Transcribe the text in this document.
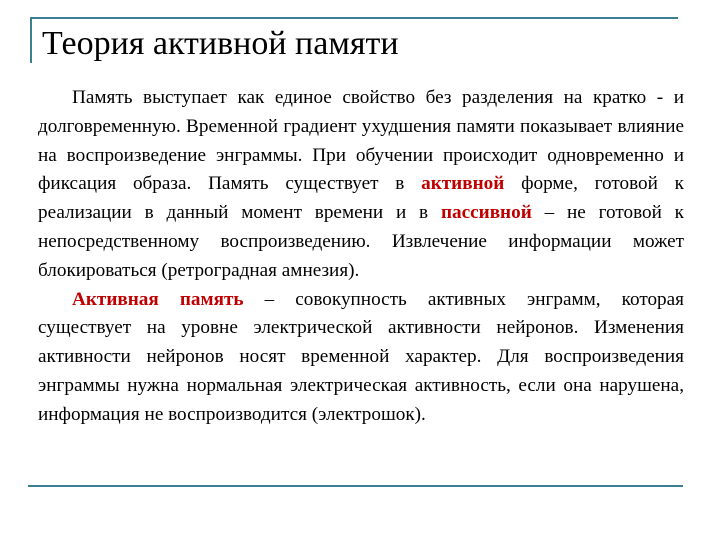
Теория активной памяти

Память выступает как единое свойство без разделения на кратко - и долговременную. Временной градиент ухудшения памяти показывает влияние на воспроизведение энграммы. При обучении происходит одновременно и фиксация образа. Память существует в активной форме, готовой к реализации в данный момент времени и в пассивной – не готовой к непосредственному воспроизведению. Извлечение информации может блокироваться (ретроградная амнезия).

Активная память – совокупность активных энграмм, которая существует на уровне электрической активности нейронов. Изменения активности нейронов носят временной характер. Для воспроизведения энграммы нужна нормальная электрическая активность, если она нарушена, информация не воспроизводится (электрошок).
